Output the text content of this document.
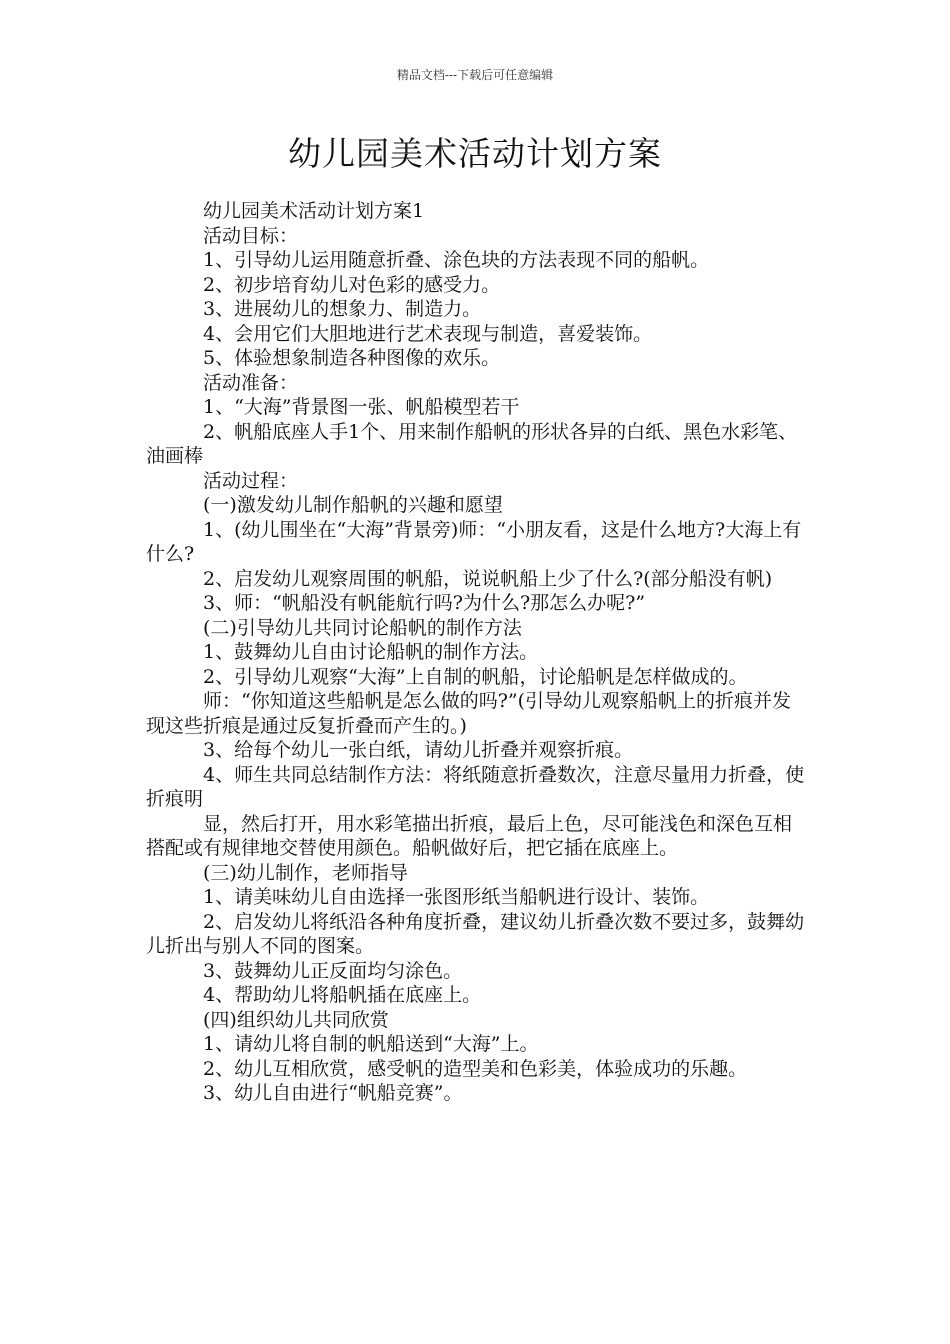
精品文档---下载后可任意编辑
幼儿园美术活动计划方案

幼儿园美术活动计划方案1

活动目标：

1、引导幼儿运用随意折叠、涂色块的方法表现不同的船帆。

2、初步培育幼儿对色彩的感受力。

3、进展幼儿的想象力、制造力。

4、会用它们大胆地进行艺术表现与制造，喜爱装饰。

5、体验想象制造各种图像的欢乐。

活动准备：

1、“大海”背景图一张、帆船模型若干

2、帆船底座人手1个、用来制作船帆的形状各异的白纸、黑色水彩笔、油画棒

活动过程：

(一)激发幼儿制作船帆的兴趣和愿望

1、(幼儿围坐在“大海”背景旁)师：“小朋友看，这是什么地方?大海上有什么?

2、启发幼儿观察周围的帆船，说说帆船上少了什么?(部分船没有帆)

3、师：“帆船没有帆能航行吗?为什么?那怎么办呢?”

(二)引导幼儿共同讨论船帆的制作方法

1、鼓舞幼儿自由讨论船帆的制作方法。

2、引导幼儿观察“大海”上自制的帆船，讨论船帆是怎样做成的。

师：“你知道这些船帆是怎么做的吗?”(引导幼儿观察船帆上的折痕并发现这些折痕是通过反复折叠而产生的。)

3、给每个幼儿一张白纸，请幼儿折叠并观察折痕。

4、师生共同总结制作方法：将纸随意折叠数次，注意尽量用力折叠，使折痕明

显，然后打开，用水彩笔描出折痕，最后上色，尽可能浅色和深色互相搭配或有规律地交替使用颜色。船帆做好后，把它插在底座上。

(三)幼儿制作，老师指导

1、请美味幼儿自由选择一张图形纸当船帆进行设计、装饰。

2、启发幼儿将纸沿各种角度折叠，建议幼儿折叠次数不要过多，鼓舞幼儿折出与别人不同的图案。

3、鼓舞幼儿正反面均匀涂色。

4、帮助幼儿将船帆插在底座上。

(四)组织幼儿共同欣赏

1、请幼儿将自制的帆船送到“大海”上。

2、幼儿互相欣赏，感受帆的造型美和色彩美，体验成功的乐趣。

3、幼儿自由进行“帆船竞赛”。
